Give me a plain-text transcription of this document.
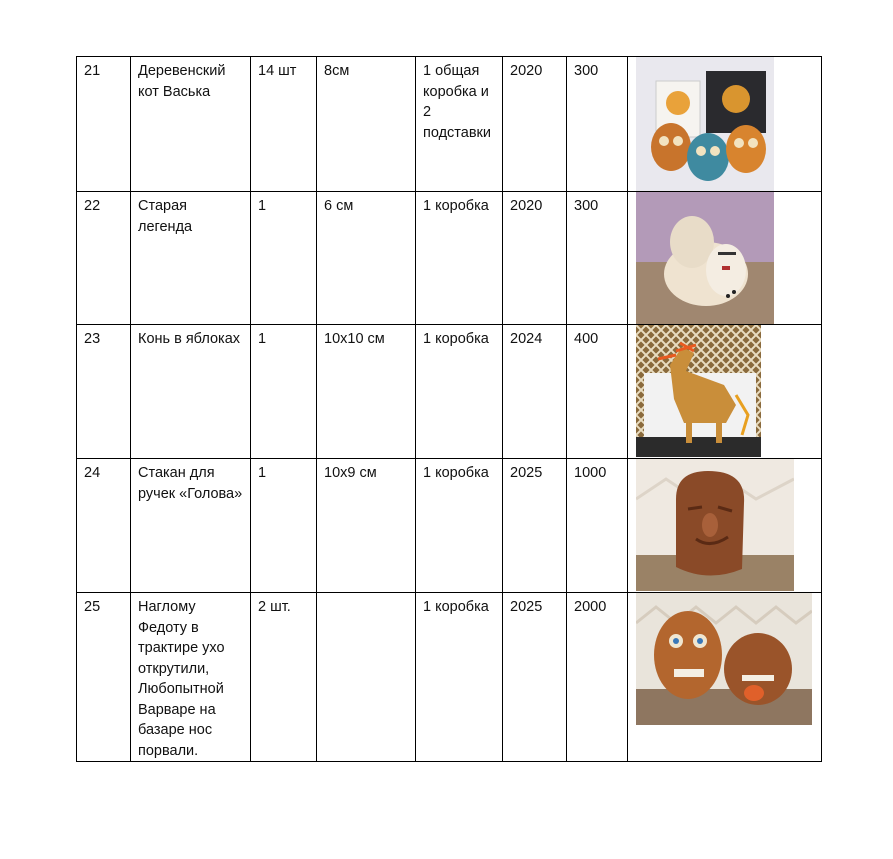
21	Деревенский кот Васька	14 шт	8см	1 общая коробка и 2 подставки	2020	300	

22	Старая легенда	1	6 см	1 коробка	2020	300	

23	Конь в яблоках	1	10х10 см	1 коробка	2024	400	

24	Стакан для ручек «Голова»	1	10х9 см	1 коробка	2025	1000	

25	Наглому Федоту в трактире ухо открутили, Любопытной Варваре на базаре нос порвали.	2 шт.		1 коробка	2025	2000	
